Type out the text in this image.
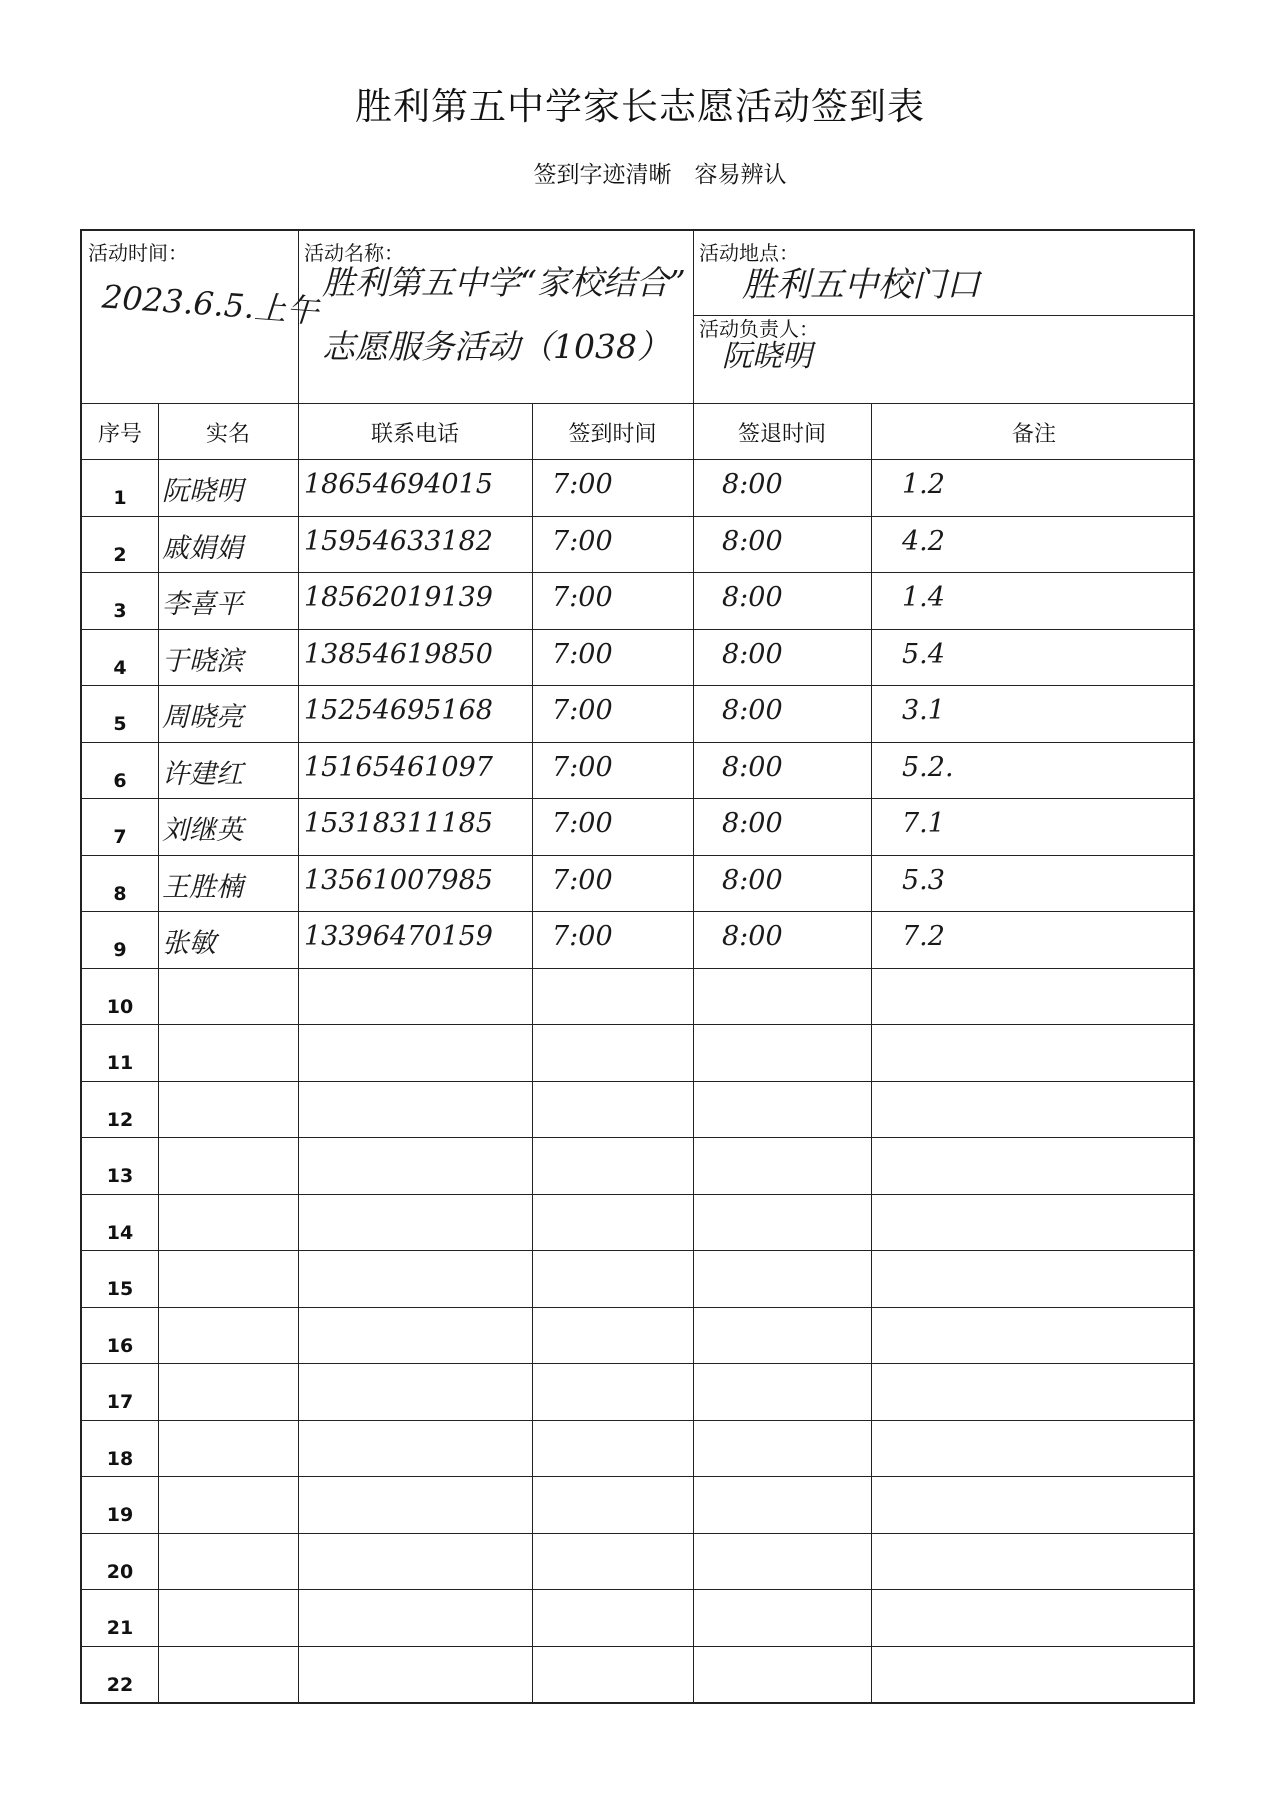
胜利第五中学家长志愿活动签到表
签到字迹清晰　容易辨认
活动时间：
2023.6.5.上午
活动名称：
胜利第五中学“家校结合”
志愿服务活动（1038）
活动地点：
胜利五中校门口
活动负责人：
阮晓明
序号	实名	联系电话	签到时间	签退时间	备注
1	阮晓明	18654694015	7:00	8:00	1.2
2	戚娟娟	15954633182	7:00	8:00	4.2
3	李喜平	18562019139	7:00	8:00	1.4
4	于晓滨	13854619850	7:00	8:00	5.4
5	周晓亮	15254695168	7:00	8:00	3.1
6	许建红	15165461097	7:00	8:00	5.2.
7	刘继英	15318311185	7:00	8:00	7.1
8	王胜楠	13561007985	7:00	8:00	5.3
9	张敏	13396470159	7:00	8:00	7.2
10
11
12
13
14
15
16
17
18
19
20
21
22
